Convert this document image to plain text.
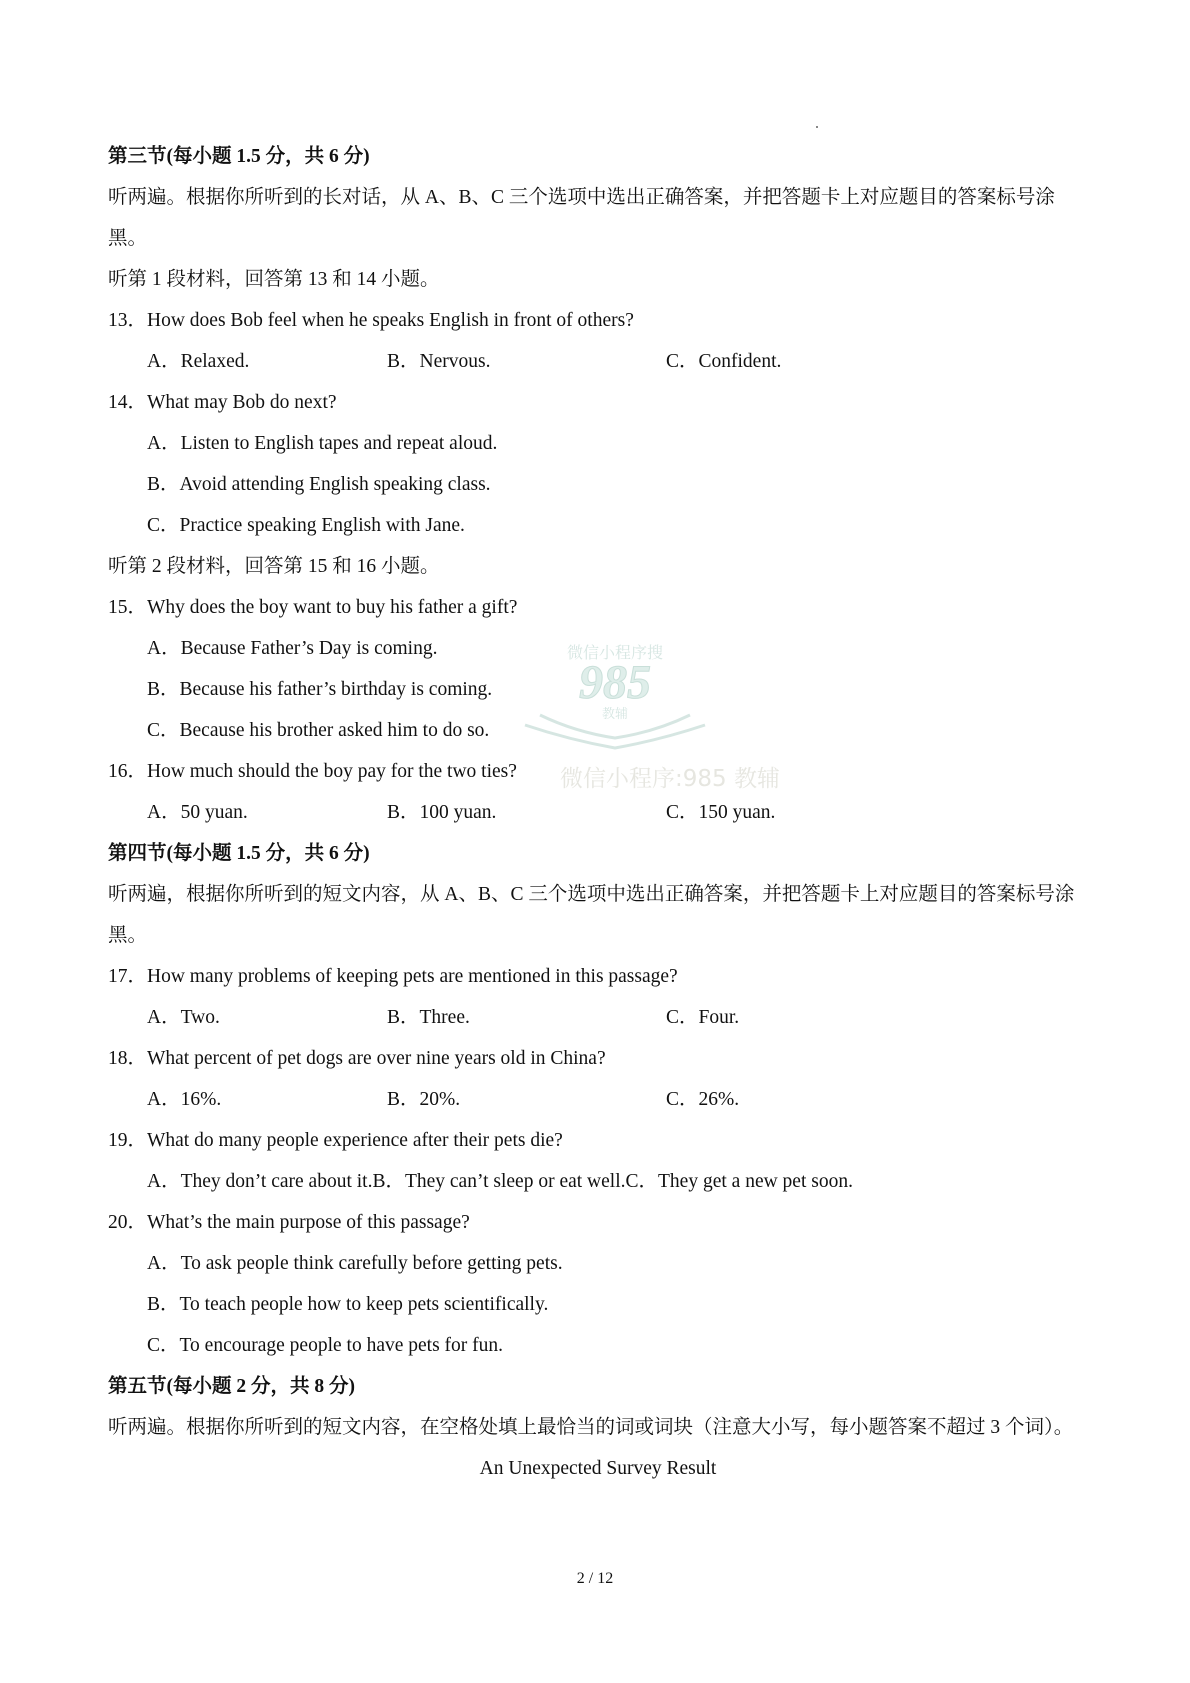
第三节(每小题 1.5 分，共 6 分)
听两遍。根据你所听到的长对话，从 A、B、C 三个选项中选出正确答案，并把答题卡上对应题目的答案标号涂黑。
听第 1 段材料，回答第 13 和 14 小题。
13．How does Bob feel when he speaks English in front of others?
A．Relaxed.	B．Nervous.	C．Confident.
14．What may Bob do next?
A．Listen to English tapes and repeat aloud.
B．Avoid attending English speaking class.
C．Practice speaking English with Jane.
听第 2 段材料，回答第 15 和 16 小题。
15．Why does the boy want to buy his father a gift?
A．Because Father’s Day is coming.
B．Because his father’s birthday is coming.
C．Because his brother asked him to do so.
16．How much should the boy pay for the two ties?
A．50 yuan.	B．100 yuan.	C．150 yuan.
第四节(每小题 1.5 分，共 6 分)
听两遍，根据你所听到的短文内容，从 A、B、C 三个选项中选出正确答案，并把答题卡上对应题目的答案标号涂黑。
17．How many problems of keeping pets are mentioned in this passage?
A．Two.	B．Three.	C．Four.
18．What percent of pet dogs are over nine years old in China?
A．16%.	B．20%.	C．26%.
19．What do many people experience after their pets die?
A．They don’t care about it.B．They can’t sleep or eat well.C．They get a new pet soon.
20．What’s the main purpose of this passage?
A．To ask people think carefully before getting pets.
B．To teach people how to keep pets scientifically.
C．To encourage people to have pets for fun.
第五节(每小题 2 分，共 8 分)
听两遍。根据你所听到的短文内容，在空格处填上最恰当的词或词块（注意大小写，每小题答案不超过 3 个词）。
An Unexpected Survey Result
微信小程序搜
985
教辅
微信小程序:985 教辅
2 / 12
